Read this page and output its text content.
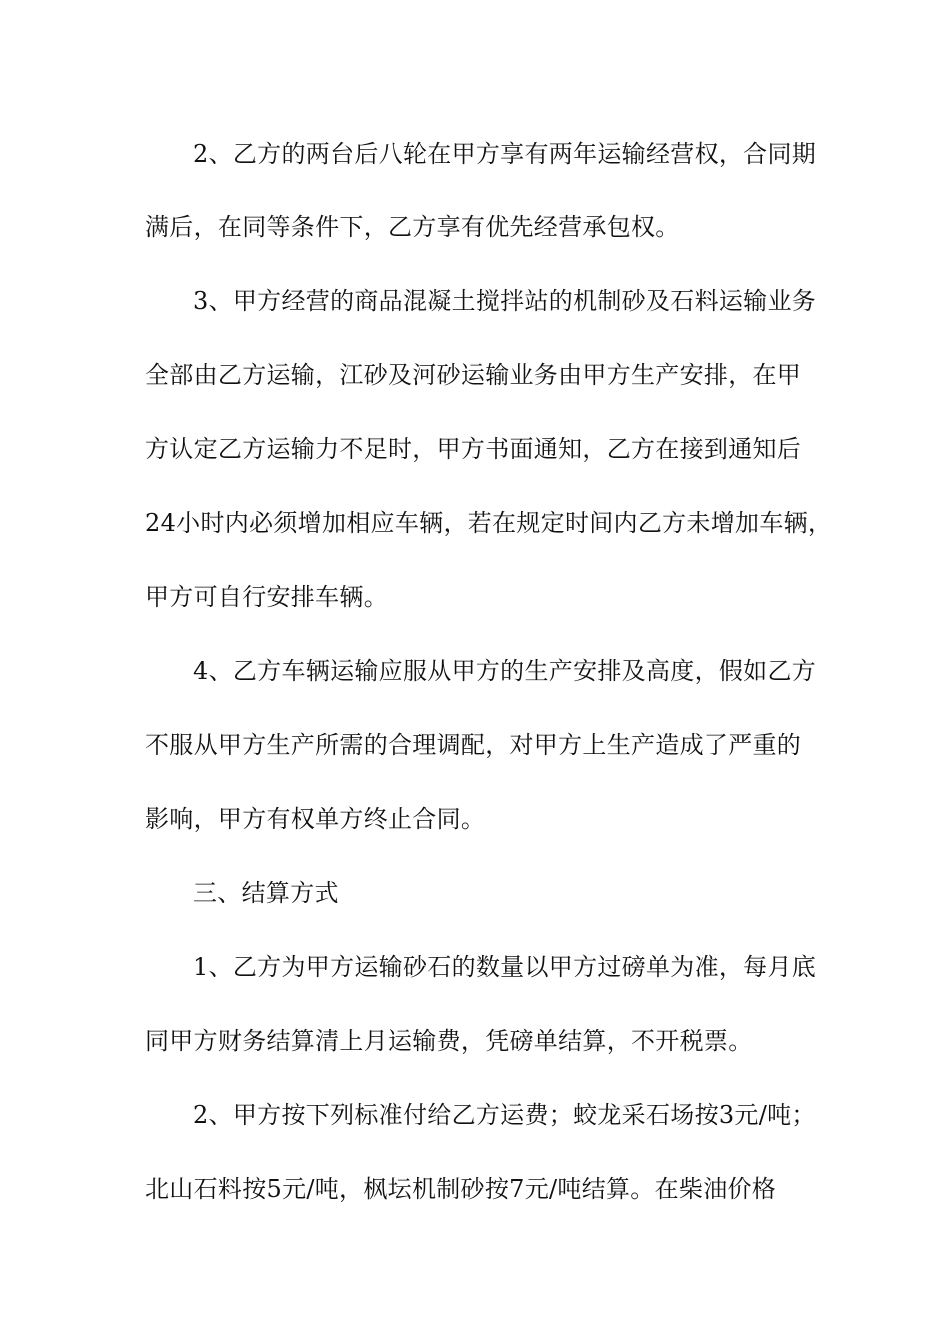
2、乙方的两台后八轮在甲方享有两年运输经营权，合同期
满后，在同等条件下，乙方享有优先经营承包权。
3、甲方经营的商品混凝土搅拌站的机制砂及石料运输业务
全部由乙方运输，江砂及河砂运输业务由甲方生产安排，在甲
方认定乙方运输力不足时，甲方书面通知，乙方在接到通知后
24小时内必须增加相应车辆，若在规定时间内乙方未增加车辆，
甲方可自行安排车辆。
4、乙方车辆运输应服从甲方的生产安排及高度，假如乙方
不服从甲方生产所需的合理调配，对甲方上生产造成了严重的
影响，甲方有权单方终止合同。
三、结算方式
1、乙方为甲方运输砂石的数量以甲方过磅单为准，每月底
同甲方财务结算清上月运输费，凭磅单结算，不开税票。
2、甲方按下列标准付给乙方运费；蛟龙采石场按3元/吨；
北山石料按5元/吨，枫坛机制砂按7元/吨结算。在柴油价格
